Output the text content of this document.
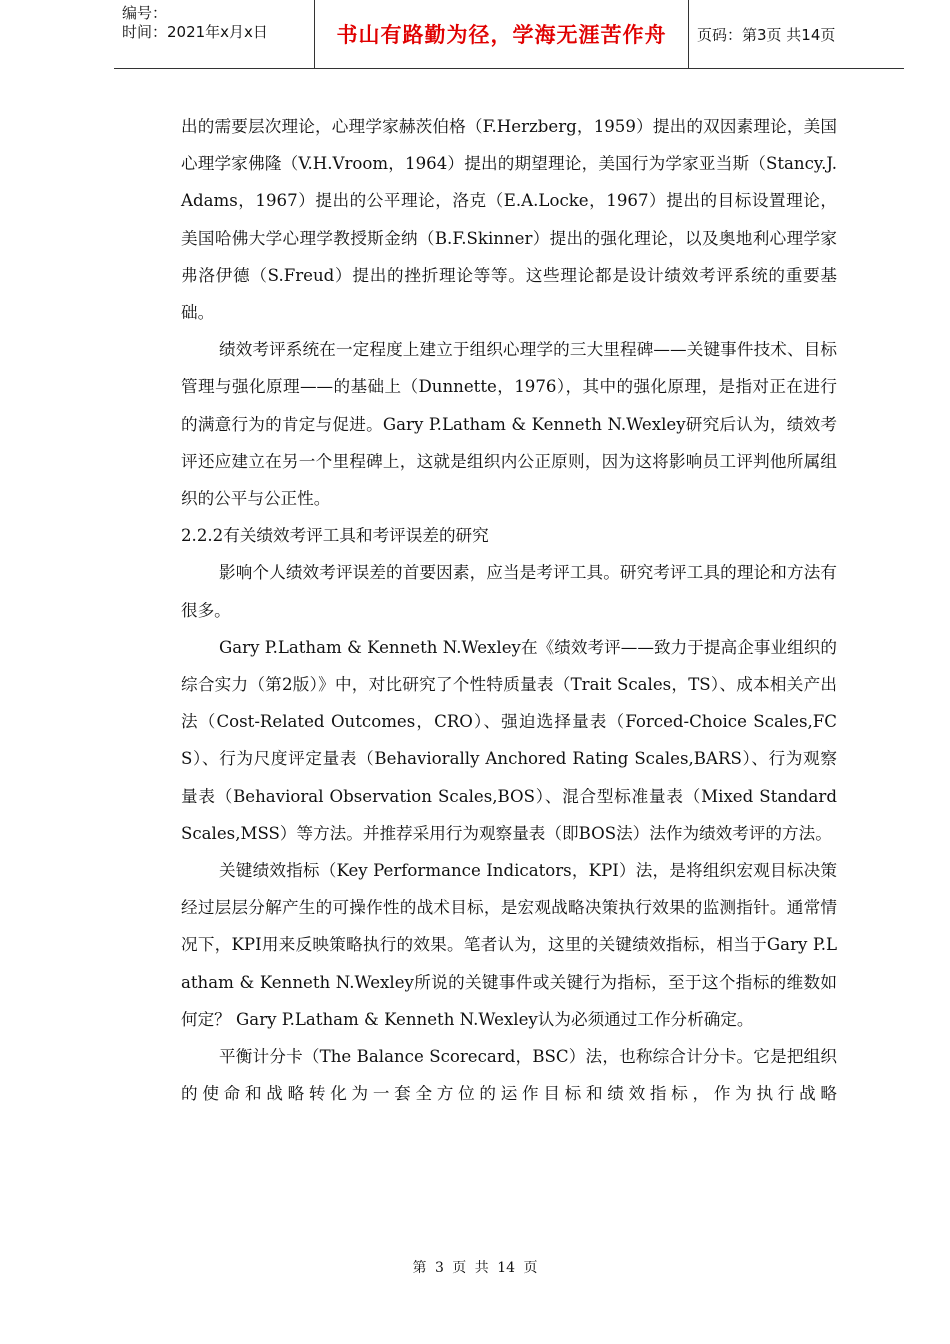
编号：
时间：2021年x月x日	书山有路勤为径，学海无涯苦作舟	页码：第3页 共14页

出的需要层次理论，心理学家赫茨伯格（F.Herzberg，1959）提出的双因素理论，美国心理学家佛隆（V.H.Vroom，1964）提出的期望理论，美国行为学家亚当斯（Stancy.J.Adams，1967）提出的公平理论，洛克（E.A.Locke，1967）提出的目标设置理论，美国哈佛大学心理学教授斯金纳（B.F.Skinner）提出的强化理论，以及奥地利心理学家弗洛伊德（S.Freud）提出的挫折理论等等。这些理论都是设计绩效考评系统的重要基础。

绩效考评系统在一定程度上建立于组织心理学的三大里程碑——关键事件技术、目标管理与强化原理——的基础上（Dunnette，1976），其中的强化原理，是指对正在进行的满意行为的肯定与促进。Gary P.Latham & Kenneth N.Wexley研究后认为，绩效考评还应建立在另一个里程碑上，这就是组织内公正原则，因为这将影响员工评判他所属组织的公平与公正性。

2.2.2有关绩效考评工具和考评误差的研究

影响个人绩效考评误差的首要因素，应当是考评工具。研究考评工具的理论和方法有很多。

Gary P.Latham & Kenneth N.Wexley在《绩效考评——致力于提高企事业组织的综合实力（第2版）》中，对比研究了个性特质量表（Trait Scales，TS）、成本相关产出法（Cost-Related Outcomes，CRO）、强迫选择量表（Forced-Choice Scales,FCS）、行为尺度评定量表（Behaviorally Anchored Rating Scales,BARS）、行为观察量表（Behavioral Observation Scales,BOS）、混合型标准量表（Mixed Standard Scales,MSS）等方法。并推荐采用行为观察量表（即BOS法）法作为绩效考评的方法。

关键绩效指标（Key Performance Indicators，KPI）法，是将组织宏观目标决策经过层层分解产生的可操作性的战术目标，是宏观战略决策执行效果的监测指针。通常情况下，KPI用来反映策略执行的效果。笔者认为，这里的关键绩效指标，相当于Gary P.Latham & Kenneth N.Wexley所说的关键事件或关键行为指标，至于这个指标的维数如何定？ Gary P.Latham & Kenneth N.Wexley认为必须通过工作分析确定。

平衡计分卡（The Balance Scorecard，BSC）法，也称综合计分卡。它是把组织的使命和战略转化为一套全方位的运作目标和绩效指标，作为执行战略

第 3 页 共 14 页
